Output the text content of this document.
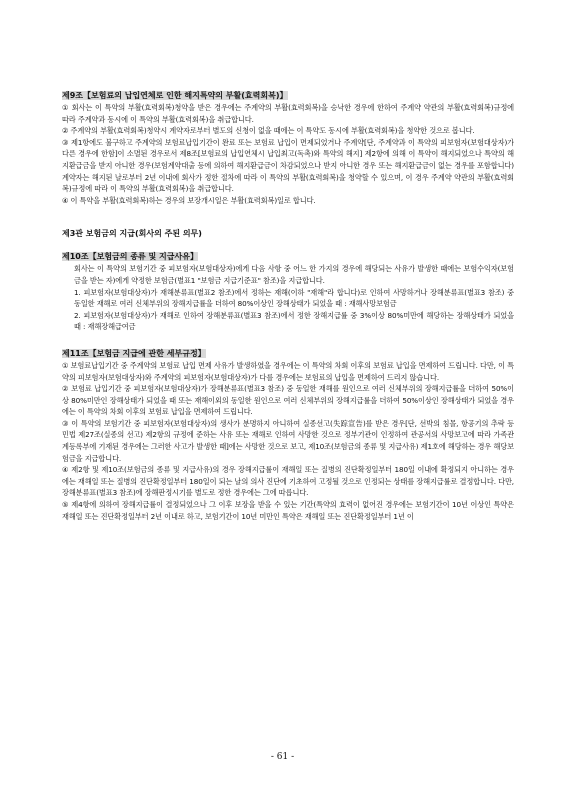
제9조【보험료의 납입연체로 인한 해지특약의 부활(효력회복)】
① 회사는 이 특약의 부활(효력회복)청약을 받은 경우에는 주계약의 부활(효력회복)을 승낙한 경우에 한하여 주계약 약관의 부활(효력회복)규정에 따라 주계약과 동시에 이 특약의 부활(효력회복)을 취급합니다.
② 주계약의 부활(효력회복)청약시 계약자로부터 별도의 신청이 없을 때에는 이 특약도 동시에 부활(효력회복)을 청약한 것으로 봅니다.
③ 제1항에도 불구하고 주계약의 보험료납입기간이 완료 또는 보험료 납입이 면제되었거나 주계약[단, 주계약과 이 특약의 피보험자(보험대상자)가 다른 경우에 한함]이 소멸된 경우로서 제8조[보험료의 납입연체시 납입최고(독촉)와 특약의 해지] 제2항에 의해 이 특약이 해지되었으나 특약의 해지환급금을 받지 아니한 경우(보험계약대출 등에 의하여 해지환급금이 차감되었으나 받지 아니한 경우 또는 해지환급금이 없는 경우를 포함합니다) 계약자는 해지된 날로부터 2년 이내에 회사가 정한 절차에 따라 이 특약의 부활(효력회복)을 청약할 수 있으며, 이 경우 주계약 약관의 부활(효력회복)규정에 따라 이 특약의 부활(효력회복)을 취급합니다.
④ 이 특약을 부활(효력회복)하는 경우의 보장개시일은 부활(효력회복)일로 합니다.
제3관 보험금의 지급(회사의 주된 의무)
제10조【보험금의 종류 및 지급사유】
회사는 이 특약의 보험기간 중 피보험자(보험대상자)에게 다음 사항 중 어느 한 가지의 경우에 해당되는 사유가 발생한 때에는 보험수익자(보험금을 받는 자)에게 약정한 보험금(별표1 "보험금 지급기준표" 참조)을 지급합니다.
1. 피보험자(보험대상자)가 재해분류표(별표2 참조)에서 정하는 재해(이하 "재해"라 합니다)로 인하여 사망하거나 장해분류표(별표3 참조) 중 동일한 재해로 여러 신체부위의 장해지급률을 더하여 80%이상인 장해상태가 되었을 때 : 재해사망보험금
2. 피보험자(보험대상자)가 재해로 인하여 장해분류표(별표3 참조)에서 정한 장해지급률 중 3%이상 80%미만에 해당하는 장해상태가 되었을 때 : 재해장해급여금
제11조【보험금 지급에 관한 세부규정】
① 보험료납입기간 중 주계약의 보험료 납입 면제 사유가 발생하였을 경우에는 이 특약의 차회 이후의 보험료 납입을 면제하여 드립니다. 다만, 이 특약의 피보험자(보험대상자)와 주계약의 피보험자(보험대상자)가 다를 경우에는 보험료의 납입을 면제하여 드리지 않습니다.
② 보험료 납입기간 중 피보험자(보험대상자)가 장해분류표(별표3 참조) 중 동일한 재해를 원인으로 여러 신체부위의 장해지급률을 더하여 50%이상 80%미만인 장해상태가 되었을 때 또는 재해이외의 동일한 원인으로 여러 신체부위의 장해지급률을 더하여 50%이상인 장해상태가 되었을 경우에는 이 특약의 차회 이후의 보험료 납입을 면제하여 드립니다.
③ 이 특약의 보험기간 중 피보험자(보험대상자)의 생사가 분명하지 아니하여 실종선고(失踪宣告)를 받은 경우[단, 선박의 침몰, 항공기의 추락 등 민법 제27조(실종의 선고) 제2항의 규정에 준하는 사유 또는 재해로 인하여 사망한 것으로 정부기관이 인정하여 관공서의 사망보고에 따라 가족관계등록부에 기재된 경우에는 그러한 사고가 발생한 때]에는 사망한 것으로 보고, 제10조(보험금의 종류 및 지급사유) 제1호에 해당하는 경우 해당보험금을 지급합니다.
④ 제2항 및 제10조(보험금의 종류 및 지급사유)의 경우 장해지급률이 재해일 또는 질병의 진단확정일부터 180일 이내에 확정되지 아니하는 경우에는 재해일 또는 질병의 진단확정일부터 180일이 되는 날의 의사 진단에 기초하여 고정될 것으로 인정되는 상태를 장해지급률로 결정합니다. 다만, 장해분류표(별표3 참조)에 장해판정시기를 별도로 정한 경우에는 그에 따릅니다.
⑤ 제4항에 의하여 장해지급률이 결정되었으나 그 이후 보장을 받을 수 있는 기간(특약의 효력이 없어진 경우에는 보험기간이 10년 이상인 특약은 재해일 또는 진단확정일부터 2년 이내로 하고, 보험기간이 10년 미만인 특약은 재해일 또는 진단확정일부터 1년 이
- 61 -
